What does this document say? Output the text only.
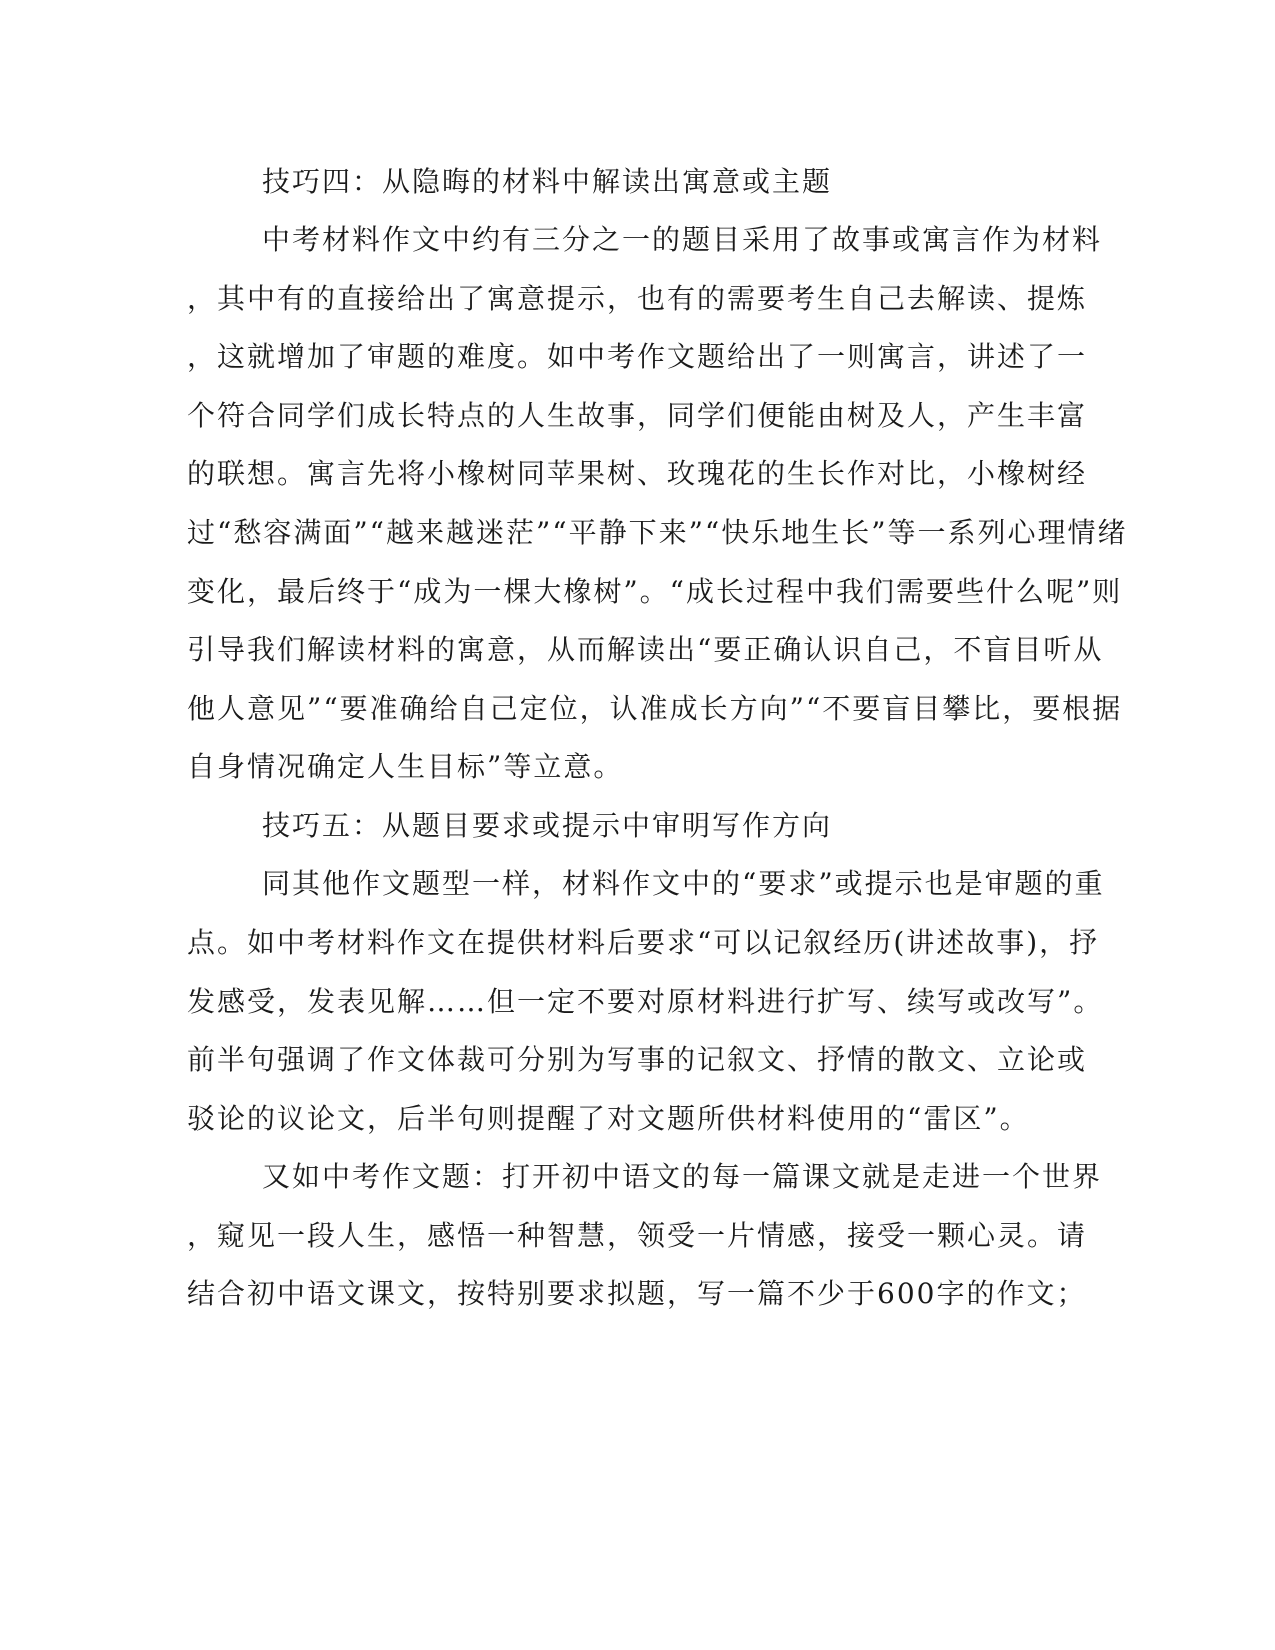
技巧四：从隐晦的材料中解读出寓意或主题
中考材料作文中约有三分之一的题目采用了故事或寓言作为材料
，其中有的直接给出了寓意提示，也有的需要考生自己去解读、提炼
，这就增加了审题的难度。如中考作文题给出了一则寓言，讲述了一
个符合同学们成长特点的人生故事，同学们便能由树及人，产生丰富
的联想。寓言先将小橡树同苹果树、玫瑰花的生长作对比，小橡树经
过“愁容满面”“越来越迷茫”“平静下来”“快乐地生长”等一系列心理情绪
变化，最后终于“成为一棵大橡树”。“成长过程中我们需要些什么呢”则
引导我们解读材料的寓意，从而解读出“要正确认识自己，不盲目听从
他人意见”“要准确给自己定位，认准成长方向”“不要盲目攀比，要根据
自身情况确定人生目标”等立意。
技巧五：从题目要求或提示中审明写作方向
同其他作文题型一样，材料作文中的“要求”或提示也是审题的重
点。如中考材料作文在提供材料后要求“可以记叙经历(讲述故事)，抒
发感受，发表见解……但一定不要对原材料进行扩写、续写或改写”。
前半句强调了作文体裁可分别为写事的记叙文、抒情的散文、立论或
驳论的议论文，后半句则提醒了对文题所供材料使用的“雷区”。
又如中考作文题：打开初中语文的每一篇课文就是走进一个世界
，窥见一段人生，感悟一种智慧，领受一片情感，接受一颗心灵。请
结合初中语文课文，按特别要求拟题，写一篇不少于600字的作文；
